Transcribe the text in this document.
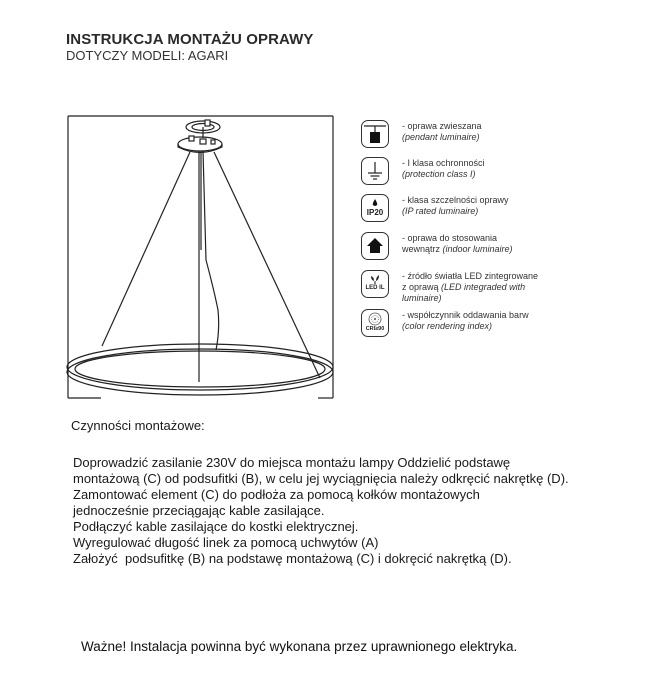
INSTRUKCJA MONTAŻU OPRAWY
DOTYCZY MODELI: AGARI
- oprawa zwieszana
(pendant luminaire)
- I klasa ochronności
(protection class I)
IP20
- klasa szczelności oprawy
(IP rated luminaire)
- oprawa do stosowania
wewnątrz (indoor luminaire)
LED IL
- źródło światła LED zintegrowane
z oprawą (LED integraded with
luminaire)
CRI≥90
- współczynnik oddawania barw
(color rendering index)
Czynności montażowe:
Doprowadzić zasilanie 230V do miejsca montażu lampy Oddzielić podstawę
montażową (C) od podsufitki (B), w celu jej wyciągnięcia należy odkręcić nakrętkę (D).
Zamontować element (C) do podłoża za pomocą kołków montażowych
jednocześnie przeciągając kable zasilające.
Podłączyć kable zasilające do kostki elektrycznej.
Wyregulować długość linek za pomocą uchwytów (A)
Założyć  podsufitkę (B) na podstawę montażową (C) i dokręcić nakrętką (D).
Ważne! Instalacja powinna być wykonana przez uprawnionego elektryka.
